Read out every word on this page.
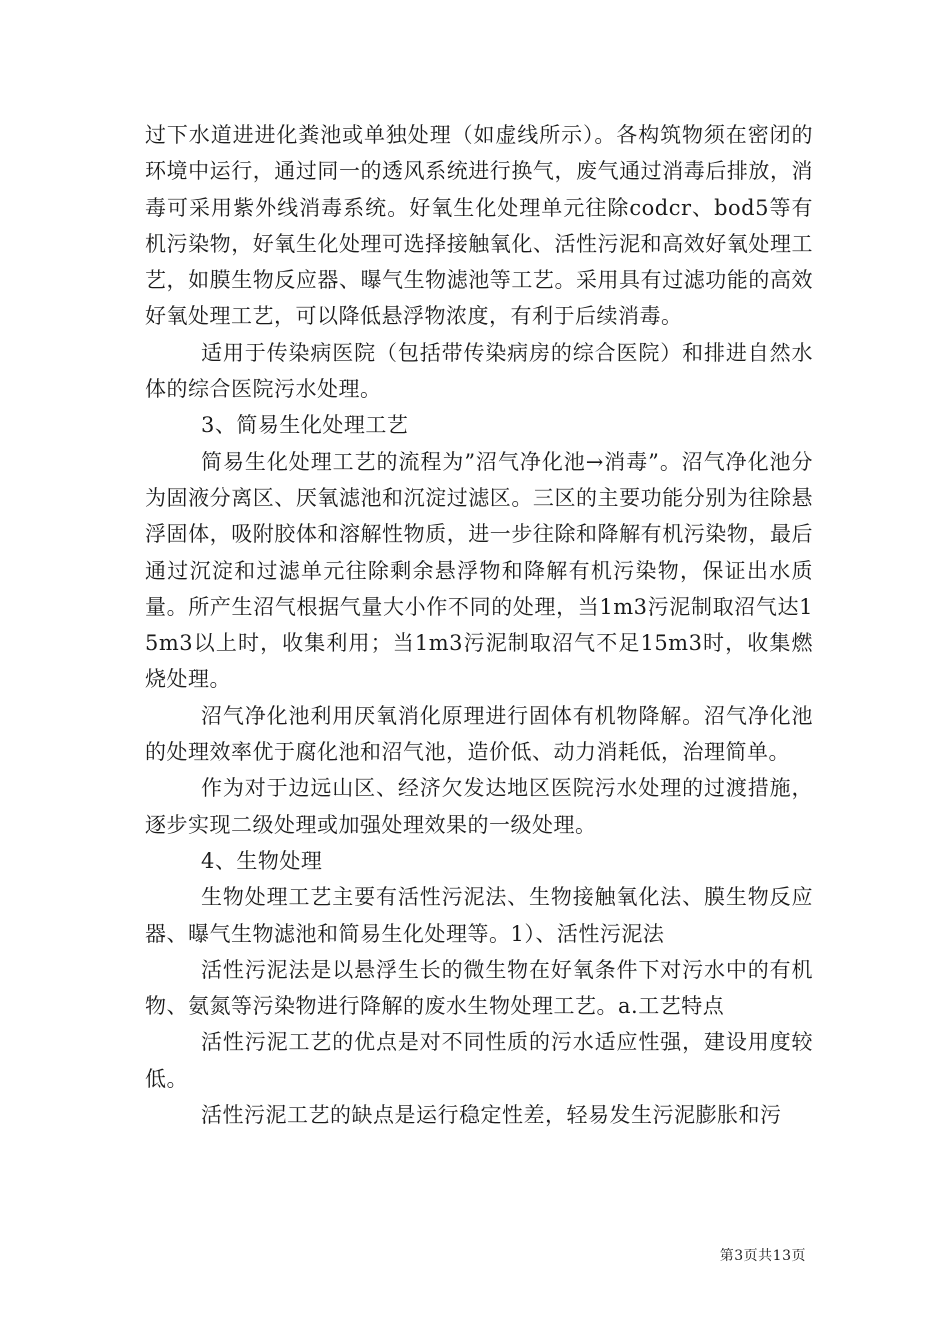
过下水道进进化粪池或单独处理（如虚线所示）。各构筑物须在密闭的环境中运行，通过同一的透风系统进行换气，废气通过消毒后排放，消毒可采用紫外线消毒系统。好氧生化处理单元往除codcr、bod5等有机污染物，好氧生化处理可选择接触氧化、活性污泥和高效好氧处理工艺，如膜生物反应器、曝气生物滤池等工艺。采用具有过滤功能的高效好氧处理工艺，可以降低悬浮物浓度，有利于后续消毒。

适用于传染病医院（包括带传染病房的综合医院）和排进自然水体的综合医院污水处理。

3、简易生化处理工艺

简易生化处理工艺的流程为”沼气净化池→消毒”。沼气净化池分为固液分离区、厌氧滤池和沉淀过滤区。三区的主要功能分别为往除悬浮固体，吸附胶体和溶解性物质，进一步往除和降解有机污染物，最后通过沉淀和过滤单元往除剩余悬浮物和降解有机污染物，保证出水质量。所产生沼气根据气量大小作不同的处理，当1m3污泥制取沼气达15m3以上时，收集利用；当1m3污泥制取沼气不足15m3时，收集燃烧处理。

沼气净化池利用厌氧消化原理进行固体有机物降解。沼气净化池的处理效率优于腐化池和沼气池，造价低、动力消耗低，治理简单。

作为对于边远山区、经济欠发达地区医院污水处理的过渡措施，逐步实现二级处理或加强处理效果的一级处理。

4、生物处理

生物处理工艺主要有活性污泥法、生物接触氧化法、膜生物反应器、曝气生物滤池和简易生化处理等。1）、活性污泥法

活性污泥法是以悬浮生长的微生物在好氧条件下对污水中的有机物、氨氮等污染物进行降解的废水生物处理工艺。a.工艺特点

活性污泥工艺的优点是对不同性质的污水适应性强，建设用度较低。

活性污泥工艺的缺点是运行稳定性差，轻易发生污泥膨胀和污

第3页共13页
